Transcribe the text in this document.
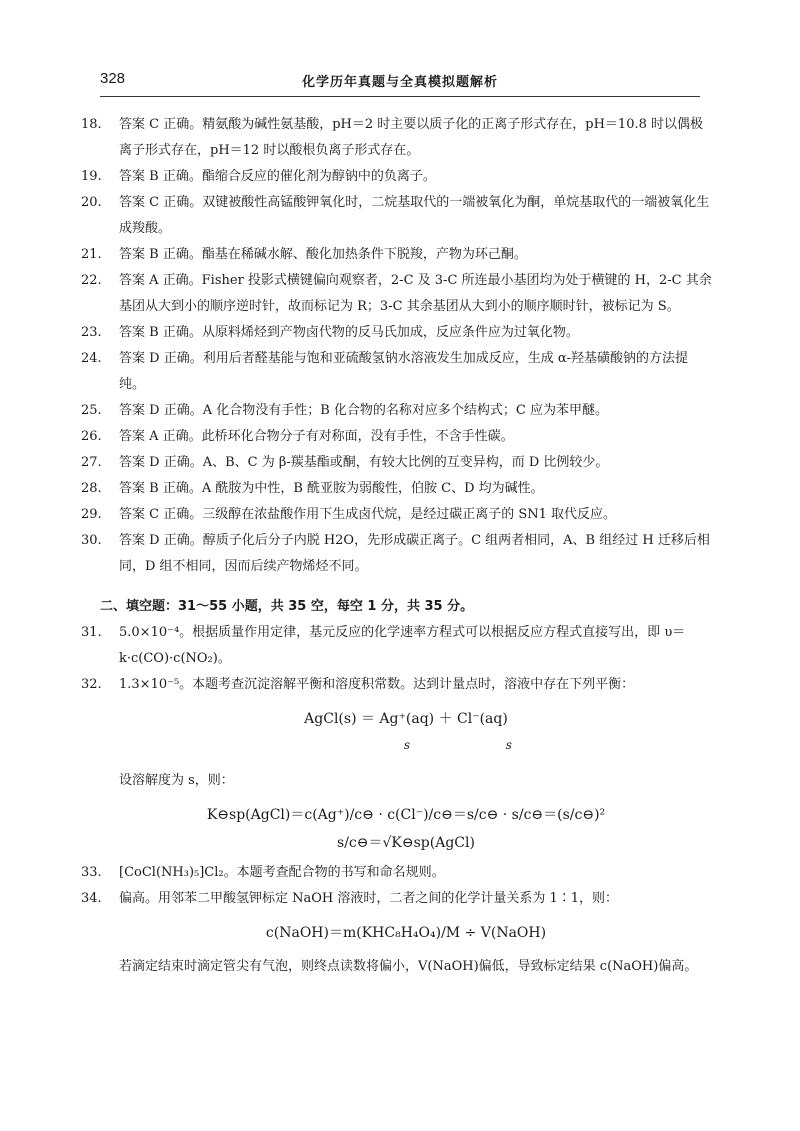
328	化学历年真题与全真模拟题解析
18.	答案 C 正确。精氨酸为碱性氨基酸，pH＝2 时主要以质子化的正离子形式存在，pH＝10.8 时以偶极离子形式存在，pH＝12 时以酸根负离子形式存在。

19.	答案 B 正确。酯缩合反应的催化剂为醇钠中的负离子。

20.	答案 C 正确。双键被酸性高锰酸钾氧化时，二烷基取代的一端被氧化为酮，单烷基取代的一端被氧化生成羧酸。

21.	答案 B 正确。酯基在稀碱水解、酸化加热条件下脱羧，产物为环己酮。

22.	答案 A 正确。Fisher 投影式横键偏向观察者，2-C 及 3-C 所连最小基团均为处于横键的 H，2-C 其余基团从大到小的顺序逆时针，故而标记为 R；3-C 其余基团从大到小的顺序顺时针，被标记为 S。

23.	答案 B 正确。从原料烯烃到产物卤代物的反马氏加成，反应条件应为过氧化物。

24.	答案 D 正确。利用后者醛基能与饱和亚硫酸氢钠水溶液发生加成反应，生成 α-羟基磺酸钠的方法提纯。

25.	答案 D 正确。A 化合物没有手性；B 化合物的名称对应多个结构式；C 应为苯甲醚。

26.	答案 A 正确。此桥环化合物分子有对称面，没有手性，不含手性碳。

27.	答案 D 正确。A、B、C 为 β-羰基酯或酮，有较大比例的互变异构，而 D 比例较少。

28.	答案 B 正确。A 酰胺为中性，B 酰亚胺为弱酸性，伯胺 C、D 均为碱性。

29.	答案 C 正确。三级醇在浓盐酸作用下生成卤代烷，是经过碳正离子的 SN1 取代反应。

30.	答案 D 正确。醇质子化后分子内脱 H2O，先形成碳正离子。C 组两者相同，A、B 组经过 H 迁移后相同，D 组不相同，因而后续产物烯烃不同。

二、填空题：31～55 小题，共 35 空，每空 1 分，共 35 分。
31.	5.0×10⁻⁴。根据质量作用定律，基元反应的化学速率方程式可以根据反应方程式直接写出，即 υ＝k·c(CO)·c(NO₂)。

32.	1.3×10⁻⁵。本题考查沉淀溶解平衡和溶度积常数。达到计量点时，溶液中存在下列平衡：

AgCl(s) ＝ Ag⁺(aq) ＋ Cl⁻(aq)
s	s
设溶解度为 s，则：
K⊖sp(AgCl)＝c(Ag⁺)/c⊖ · c(Cl⁻)/c⊖＝s/c⊖ · s/c⊖＝(s/c⊖)²
s/c⊖＝√K⊖sp(AgCl)
33.	[CoCl(NH₃)₅]Cl₂。本题考查配合物的书写和命名规则。

34.	偏高。用邻苯二甲酸氢钾标定 NaOH 溶液时，二者之间的化学计量关系为 1∶1，则：

c(NaOH)＝m(KHC₈H₄O₄)/M ÷ V(NaOH)
若滴定结束时滴定管尖有气泡，则终点读数将偏小，V(NaOH)偏低，导致标定结果 c(NaOH)偏高。
